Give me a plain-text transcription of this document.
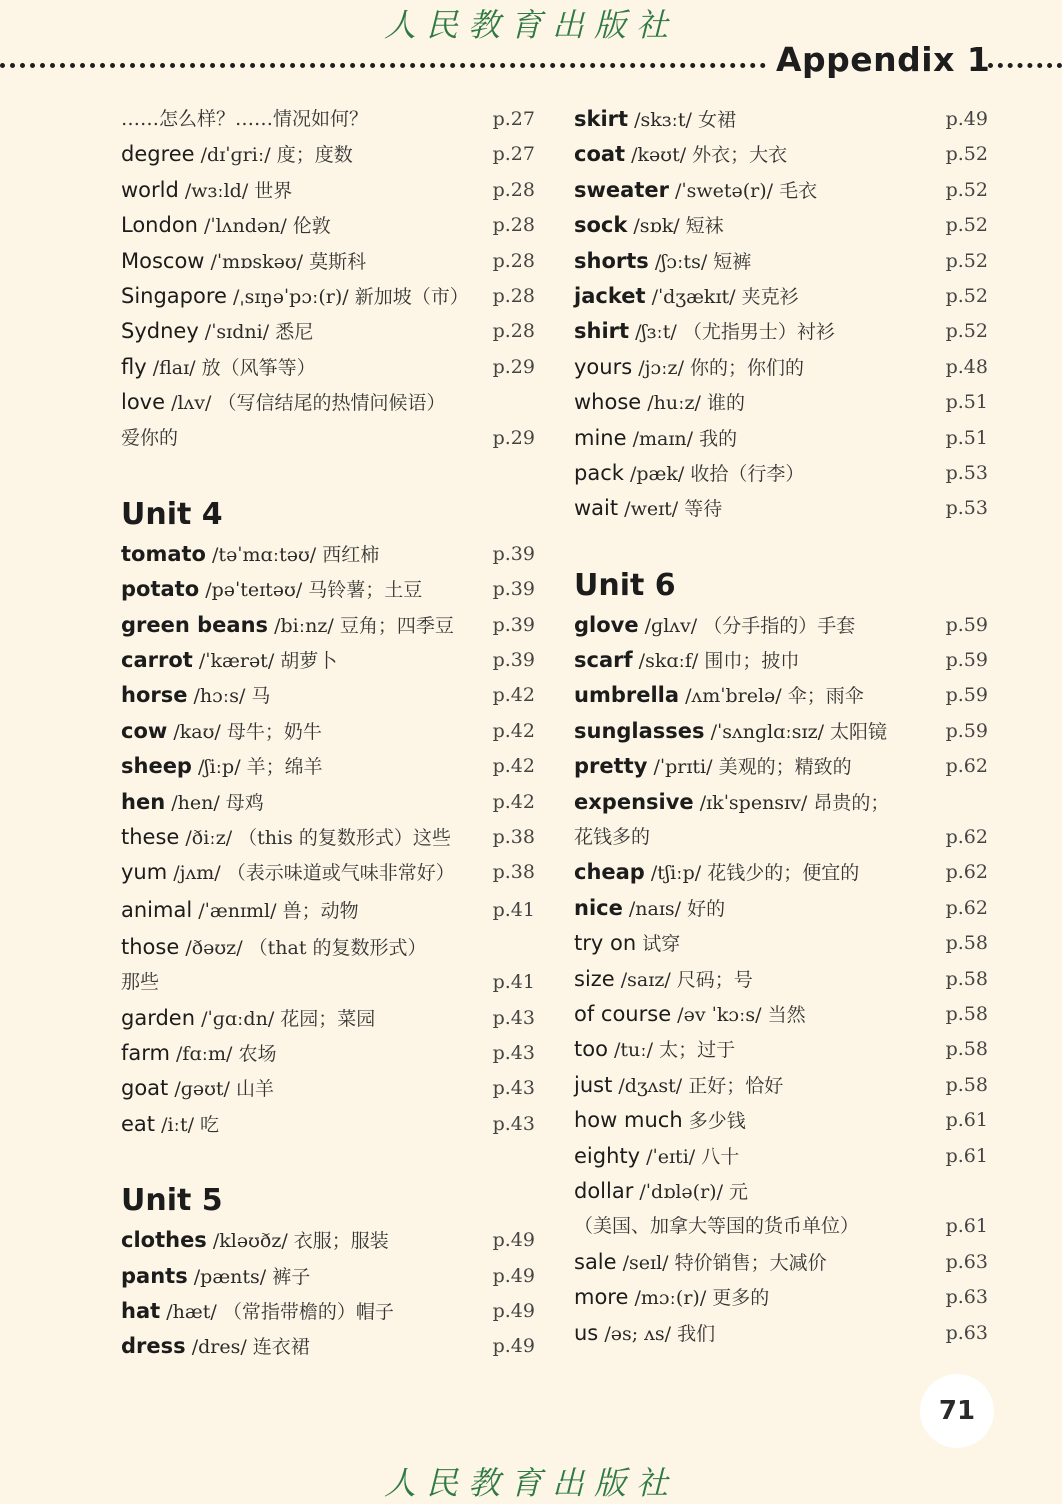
人民教育出版社
Appendix 1
……怎么样？……情况如何？	p.27
degree /dɪˈɡriː/ 度；度数	p.27
world /wɜːld/ 世界	p.28
London /ˈlʌndən/ 伦敦	p.28
Moscow /ˈmɒskəʊ/ 莫斯科	p.28
Singapore /ˌsɪŋəˈpɔː(r)/ 新加坡（市） p.28
Sydney /ˈsɪdni/ 悉尼	p.28
fly /flaɪ/ 放（风筝等）	p.29
love /lʌv/ （写信结尾的热情问候语）
爱你的	p.29
Unit 4
tomato /təˈmɑːtəʊ/ 西红柿	p.39
potato /pəˈteɪtəʊ/ 马铃薯；土豆	p.39
green beans /biːnz/ 豆角；四季豆 p.39
carrot /ˈkærət/ 胡萝卜	p.39
horse /hɔːs/ 马	p.42
cow /kaʊ/ 母牛；奶牛	p.42
sheep /ʃiːp/ 羊；绵羊	p.42
hen /hen/ 母鸡	p.42
these /ðiːz/ （this 的复数形式）这些 p.38
yum /jʌm/ （表示味道或气味非常好） p.38
animal /ˈænɪml/ 兽；动物	p.41
those /ðəʊz/ （that 的复数形式）
那些	p.41
garden /ˈɡɑːdn/ 花园；菜园	p.43
farm /fɑːm/ 农场	p.43
goat /ɡəʊt/ 山羊	p.43
eat /iːt/ 吃	p.43
Unit 5
clothes /kləʊðz/ 衣服；服装	p.49
pants /pænts/ 裤子	p.49
hat /hæt/ （常指带檐的）帽子	p.49
dress /dres/ 连衣裙	p.49
skirt /skɜːt/ 女裙	p.49
coat /kəʊt/ 外衣；大衣	p.52
sweater /ˈswetə(r)/ 毛衣	p.52
sock /sɒk/ 短袜	p.52
shorts /ʃɔːts/ 短裤	p.52
jacket /ˈdʒækɪt/ 夹克衫	p.52
shirt /ʃɜːt/ （尤指男士）衬衫	p.52
yours /jɔːz/ 你的；你们的	p.48
whose /huːz/ 谁的	p.51
mine /maɪn/ 我的	p.51
pack /pæk/ 收拾（行李）	p.53
wait /weɪt/ 等待	p.53
Unit 6
glove /ɡlʌv/ （分手指的）手套	p.59
scarf /skɑːf/ 围巾；披巾	p.59
umbrella /ʌmˈbrelə/ 伞；雨伞	p.59
sunglasses /ˈsʌnɡlɑːsɪz/ 太阳镜	p.59
pretty /ˈprɪti/ 美观的；精致的	p.62
expensive /ɪkˈspensɪv/ 昂贵的；
花钱多的	p.62
cheap /tʃiːp/ 花钱少的；便宜的	p.62
nice /naɪs/ 好的	p.62
try on 试穿	p.58
size /saɪz/ 尺码；号	p.58
of course /əv ˈkɔːs/ 当然	p.58
too /tuː/ 太；过于	p.58
just /dʒʌst/ 正好；恰好	p.58
how much 多少钱	p.61
eighty /ˈeɪti/ 八十	p.61
dollar /ˈdɒlə(r)/ 元
（美国、加拿大等国的货币单位）	p.61
sale /seɪl/ 特价销售；大减价	p.63
more /mɔː(r)/ 更多的	p.63
us /əs; ʌs/ 我们	p.63
71
人民教育出版社
